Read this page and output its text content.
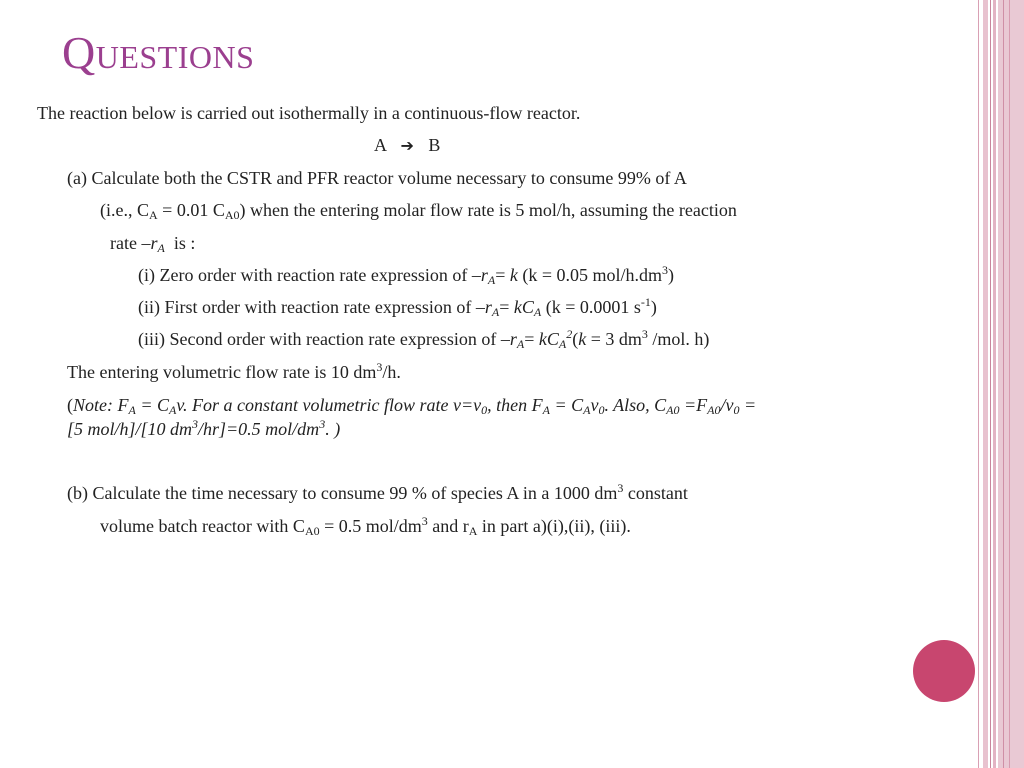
Questions
The reaction below is carried out isothermally in a continuous-flow reactor.
A ➔ B
(a) Calculate both the CSTR and PFR reactor volume necessary to consume 99% of A
(i.e., $C_A = 0.01$ $C_{A0}$) when the entering molar flow rate is 5 mol/h, assuming the reaction
rate $-r_A$  is :
(i) Zero order with reaction rate expression of $-r_A= k$ (k = 0.05 mol/$h.dm^3$)
(ii) First order with reaction rate expression of $-r_A= kC_A$ (k = 0.0001 $s^{-1}$)
(iii) Second order with reaction rate expression of $-r_A= kC_A^2(k = 3$ $dm^3$ /mol. h)
The entering volumetric flow rate is 10 $dm^3/h$.
(Note: $F_A = C_Av$. For a constant volumetric flow rate $v=v_0$, then $F_A = C_Av_0$. Also, $C_{A0} =F_{A0}/v_0$ =
[5 mol/h]/[10 $dm^3/hr]=0.5$ mol/$dm^3$. )
(b) Calculate the time necessary to consume 99 % of species A in a 1000 $dm^3$ constant
volume batch reactor with $C_{A0} = 0.5$ mol/$dm^3$ and $r_A$ in part a)(i),(ii), (iii).
